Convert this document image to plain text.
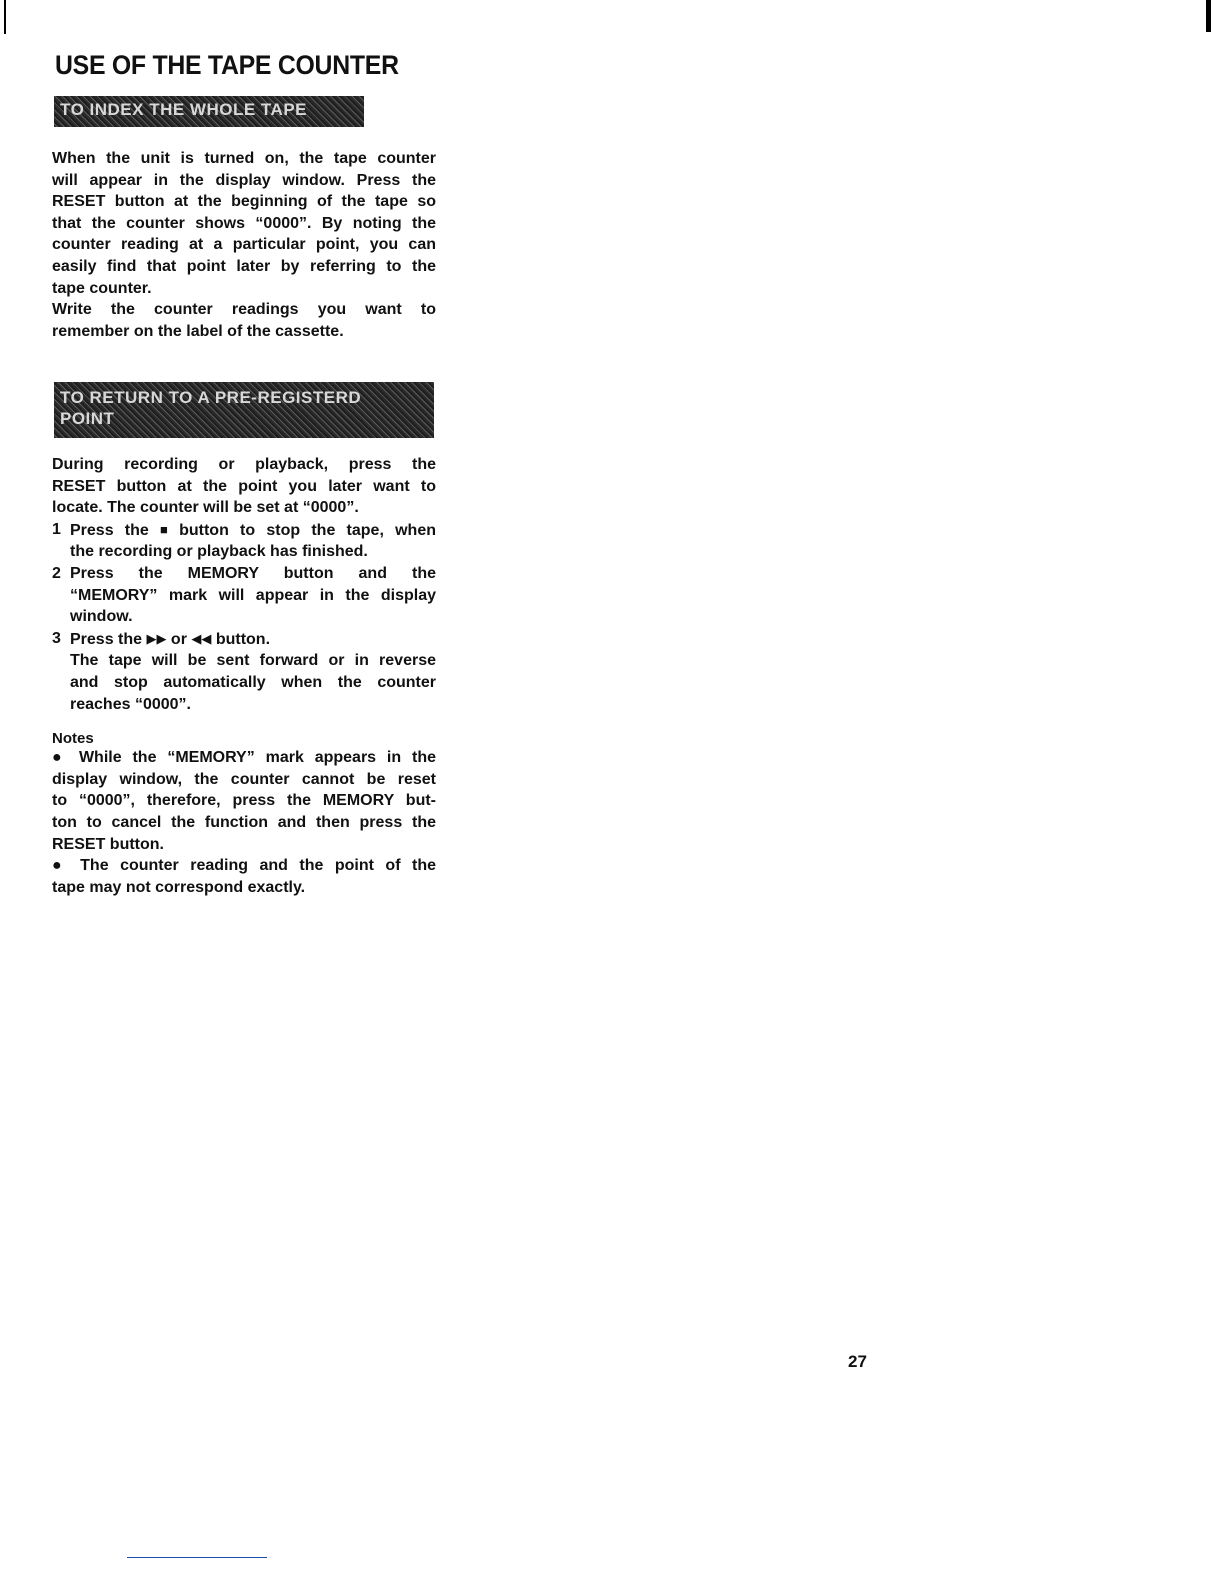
USE OF THE TAPE COUNTER
TO INDEX THE WHOLE TAPE

When the unit is turned on, the tape counter

will appear in the display window. Press the

RESET button at the beginning of the tape so

that the counter shows “0000”. By noting the

counter reading at a particular point, you can

easily find that point later by referring to the

tape counter.

Write the counter readings you want to

remember on the label of the cassette.

TO RETURN TO A PRE-REGISTERD
POINT

During recording or playback, press the

RESET button at the point you later want to

locate. The counter will be set at “0000”.

1 Press the ■ button to stop the tape, when
the recording or playback has finished.
2 Press the MEMORY button and the
“MEMORY” mark will appear in the display
window.
3 Press the ▶▶ or ◀◀ button.
The tape will be sent forward or in reverse
and stop automatically when the counter
reaches “0000”.
Notes

● While the “MEMORY” mark appears in the

display window, the counter cannot be reset

to “0000”, therefore, press the MEMORY but-

ton to cancel the function and then press the

RESET button.

● The counter reading and the point of the

tape may not correspond exactly.

27
